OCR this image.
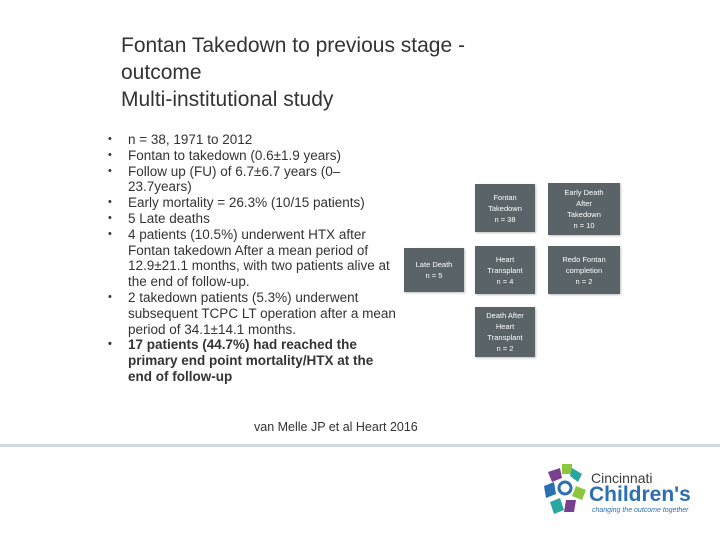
Fontan Takedown to previous stage -
outcome
Multi-institutional study
• n = 38, 1971 to 2012
• Fontan to takedown (0.6±1.9 years)
• Follow up (FU) of 6.7±6.7 years (0–23.7years)
• Early mortality = 26.3% (10/15 patients)
• 5 Late deaths
• 4 patients (10.5%) underwent HTX after Fontan takedown After a mean period of 12.9±21.1 months, with two patients alive at the end of follow-up.
• 2 takedown patients (5.3%) underwent subsequent TCPC LT operation after a mean period of 34.1±14.1 months.
• 17 patients (44.7%) had reached the primary end point mortality/HTX at the end of follow-up
Fontan
Takedown
n = 38
Early Death
After
Takedown
n = 10
Late Death
n = 5
Heart
Transplant
n = 4
Redo Fontan
completion
n = 2
Death After
Heart
Transplant
n = 2
van Melle JP et al Heart 2016
Cincinnati
Children's
changing the outcome together
